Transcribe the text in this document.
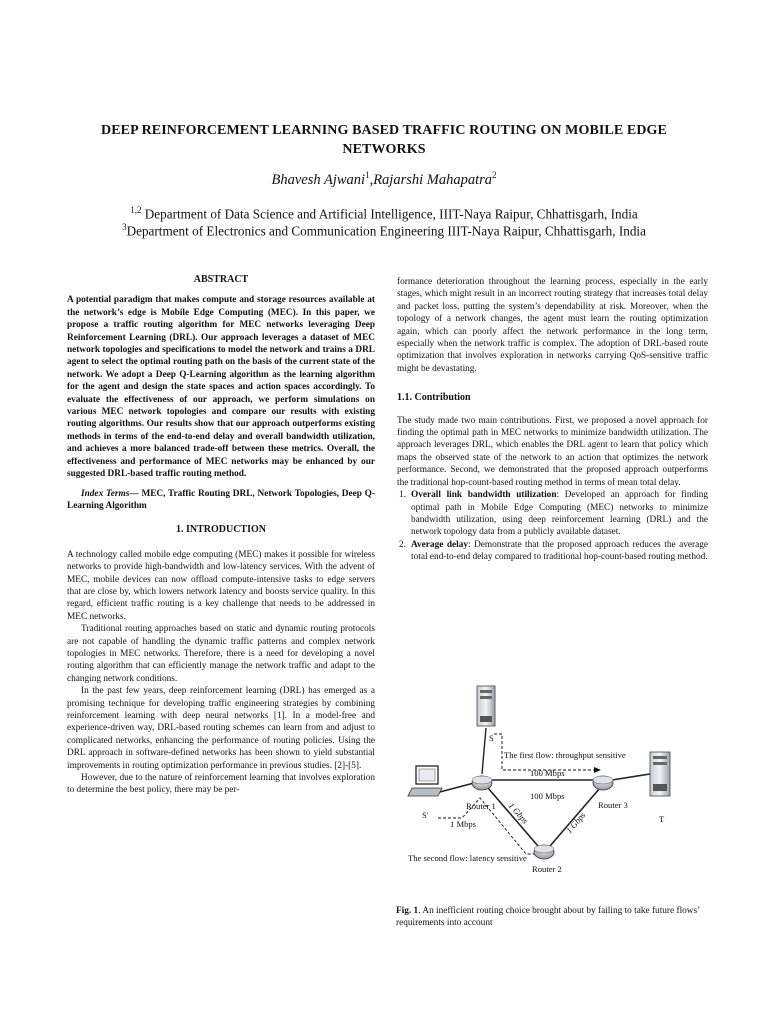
DEEP REINFORCEMENT LEARNING BASED TRAFFIC ROUTING ON MOBILE EDGE
NETWORKS
Bhavesh Ajwani$^1$,Rajarshi Mahapatra$^2$
$^{1,2}$ Department of Data Science and Artificial Intelligence, IIIT-Naya Raipur, Chhattisgarh, India
$^3$Department of Electronics and Communication Engineering IIIT-Naya Raipur, Chhattisgarh, India

ABSTRACT

A potential paradigm that makes compute and storage resources available at the network’s edge is Mobile Edge Computing (MEC). In this paper, we propose a traffic routing algorithm for MEC networks leveraging Deep Reinforcement Learning (DRL). Our approach leverages a dataset of MEC network topologies and specifications to model the network and trains a DRL agent to select the optimal routing path on the basis of the current state of the network. We adopt a Deep Q-Learning algorithm as the learning algorithm for the agent and design the state spaces and action spaces accordingly. To evaluate the effectiveness of our approach, we perform simulations on various MEC network topologies and compare our results with existing routing algorithms. Our results show that our approach outperforms existing methods in terms of the end-to-end delay and overall bandwidth utilization, and achieves a more balanced trade-off between these metrics. Overall, the effectiveness and performance of MEC networks may be enhanced by our suggested DRL-based traffic routing method.

Index Terms— MEC, Traffic Routing DRL, Network Topologies, Deep Q-Learning Algorithm

1. INTRODUCTION

A technology called mobile edge computing (MEC) makes it possible for wireless networks to provide high-bandwidth and low-latency services. With the advent of MEC, mobile devices can now offload compute-intensive tasks to edge servers that are close by, which lowers network latency and boosts service quality. In this regard, efficient traffic routing is a key challenge that needs to be addressed in MEC networks.

Traditional routing approaches based on static and dynamic routing protocols are not capable of handling the dynamic traffic patterns and complex network topologies in MEC networks. Therefore, there is a need for developing a novel routing algorithm that can efficiently manage the network traffic and adapt to the changing network conditions.

In the past few years, deep reinforcement learning (DRL) has emerged as a promising technique for developing traffic engineering strategies by combining reinforcement learning with deep neural networks [1]. In a model-free and experience-driven way, DRL-based routing schemes can learn from and adjust to complicated networks, enhancing the performance of routing policies. Using the DRL approach in software-defined networks has been shown to yield substantial improvements in routing optimization performance in previous studies. [2]-[5].

However, due to the nature of reinforcement learning that involves exploration to determine the best policy, there may be per-

formance deterioration throughout the learning process, especially in the early stages, which might result in an incorrect routing strategy that increases total delay and packet loss, putting the system’s dependability at risk. Moreover, when the topology of a network changes, the agent must learn the routing optimization again, which can poorly affect the network performance in the long term, especially when the network traffic is complex. The adoption of DRL-based route optimization that involves exploration in networks carrying QoS-sensitive traffic might be devastating.

1.1. Contribution

The study made two main contributions. First, we proposed a novel approach for finding the optimal path in MEC networks to minimize bandwidth utilization. The approach leverages DRL, which enables the DRL agent to learn that policy which maps the observed state of the network to an action that optimizes the network performance. Second, we demonstrated that the proposed approach outperforms the traditional hop-count-based routing method in terms of mean total delay.

1. Overall link bandwidth utilization: Developed an approach for finding optimal path in Mobile Edge Computing (MEC) networks to minimize bandwidth utilization, using deep reinforcement learning (DRL) and the network topology data from a publicly available dataset.
2. Average delay: Demonstrate that the proposed approach reduces the average total end-to-end delay compared to traditional hop-count-based routing method.
S
The first flow: throughput sensitive
100 Mbps
100 Mbps
Router 1	Router 3
S'
1 Mbps	T
1 Gbps	1 Gbps
The second flow: latency sensitive
Router 2
Fig. 1. An inefficient routing choice brought about by failing to take future flows’ requirements into account
